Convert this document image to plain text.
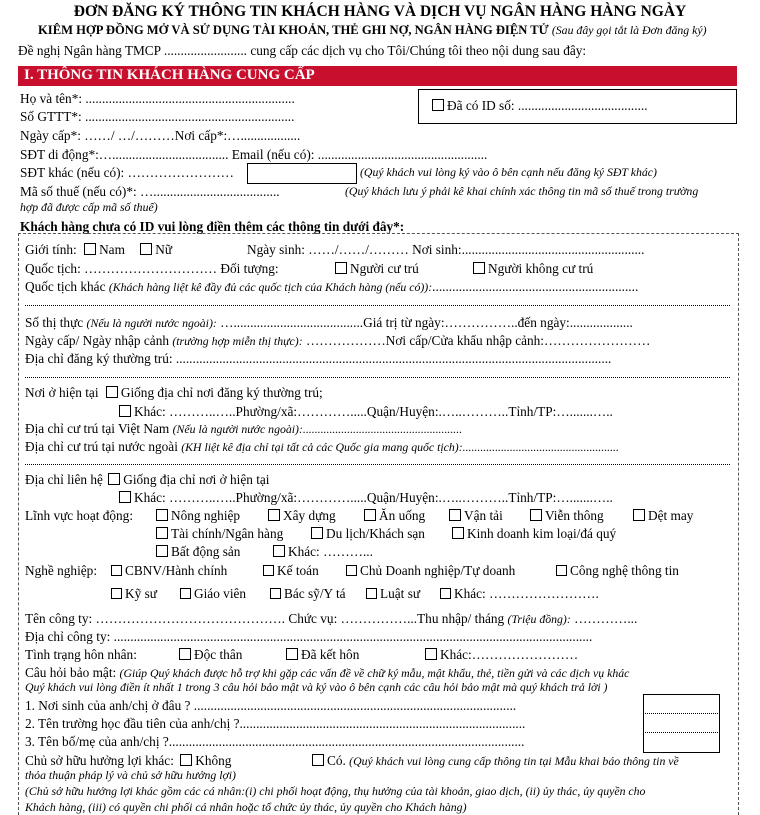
ĐƠN ĐĂNG KÝ THÔNG TIN KHÁCH HÀNG VÀ DỊCH VỤ NGÂN HÀNG HÀNG NGÀY
KIÊM HỢP ĐỒNG MỞ VÀ SỬ DỤNG TÀI KHOẢN, THẺ GHI NỢ, NGÂN HÀNG ĐIỆN TỬ (Sau đây gọi tắt là Đơn đăng ký)
Đề nghị Ngân hàng TMCP ......................... cung cấp các dịch vụ cho Tôi/Chúng tôi theo nội dung sau đây:
I. THÔNG TIN KHÁCH HÀNG CUNG CẤP
Họ và tên*: ...............................................................
Số GTTT*: ...............................................................
Đã có ID số: .......................................
Ngày cấp*: ……/ …/………Nơi cấp*:…..................
SĐT di động*:…................................... Email (nếu có): ...................................................
SĐT khác (nếu có): ……………………	(Quý khách vui lòng ký vào ô bên cạnh nếu đăng ký SĐT khác)
Mã số thuế (nếu có)*: …......................................	(Quý khách lưu ý phải kê khai chính xác thông tin mã số thuế trong trường
hợp đã được cấp mã số thuế)
Khách hàng chưa có ID vui lòng điền thêm các thông tin dưới đây*:
Giới tính: Nam Nữ	Ngày sinh: ……/……/……… Nơi sinh:.......................................................
Quốc tịch: ………………………… Đối tượng:	Người cư trú	Người không cư trú
Quốc tịch khác (Khách hàng liệt kê đầy đủ các quốc tịch của Khách hàng (nếu có)):..............................................................
Số thị thực (Nếu là người nước ngoài): ….......................................Giá trị từ ngày:……………..đến ngày:...................
Ngày cấp/ Ngày nhập cảnh (trường hợp miễn thị thực): ………………Nơi cấp/Cửa khẩu nhập cảnh:……………………
Địa chỉ đăng ký thường trú: ...................................................................................................................................
Nơi ở hiện tại Giống địa chỉ nơi đăng ký thường trú;
Khác: ………..…..Phường/xã:………….....Quận/Huyện:.…..………..Tỉnh/TP:….......…..
Địa chỉ cư trú tại Việt Nam (Nếu là người nước ngoài):......................................................
Địa chỉ cư trú tại nước ngoài (KH liệt kê địa chỉ tại tất cả các Quốc gia mang quốc tịch):.....................................................
Địa chỉ liên hệ Giống địa chỉ nơi ở hiện tại
Khác: ………..…..Phường/xã:………….....Quận/Huyện:.…..………..Tỉnh/TP:….......…..
Lĩnh vực hoạt động:	Nông nghiệp	Xây dựng	Ăn uống	Vận tải	Viễn thông	Dệt may
Tài chính/Ngân hàng	Du lịch/Khách sạn	Kinh doanh kim loại/đá quý
Bất động sản	Khác: ………...
Nghề nghiệp:	CBNV/Hành chính	Kế toán	Chủ Doanh nghiệp/Tự doanh	Công nghệ thông tin
Kỹ sư	Giáo viên	Bác sỹ/Y tá	Luật sư	Khác: …………………….
Tên công ty: ……………………………………. Chức vụ: ……………...Thu nhập/ tháng (Triệu đồng): …………...
Địa chỉ công ty: ................................................................................................................................................
Tình trạng hôn nhân:	Độc thân	Đã kết hôn	Khác:……………………
Câu hỏi bảo mật: (Giúp Quý khách được hỗ trợ khi gặp các vấn đề về chữ ký mẫu, mật khẩu, thẻ, tiền gửi và các dịch vụ khác
Quý khách vui lòng điền ít nhất 1 trong 3 câu hỏi bảo mật và ký vào ô bên cạnh các câu hỏi bảo mật mà quý khách trả lời )
1. Nơi sinh của anh/chị ở đâu ? .................................................................................................
2. Tên trường học đầu tiên của anh/chị ?......................................................................................
3. Tên bố/mẹ của anh/chị ?...........................................................................................................
Chủ sở hữu hưởng lợi khác: Không	Có. (Quý khách vui lòng cung cấp thông tin tại Mẫu khai báo thông tin về
thỏa thuận pháp lý và chủ sở hữu hưởng lợi)
(Chủ sở hữu hưởng lợi khác gồm các cá nhân:(i) chi phối hoạt động, thụ hưởng của tài khoản, giao dịch, (ii) ủy thác, ủy quyền cho
Khách hàng, (iii) có quyền chi phối cá nhân hoặc tổ chức ủy thác, ủy quyền cho Khách hàng)
